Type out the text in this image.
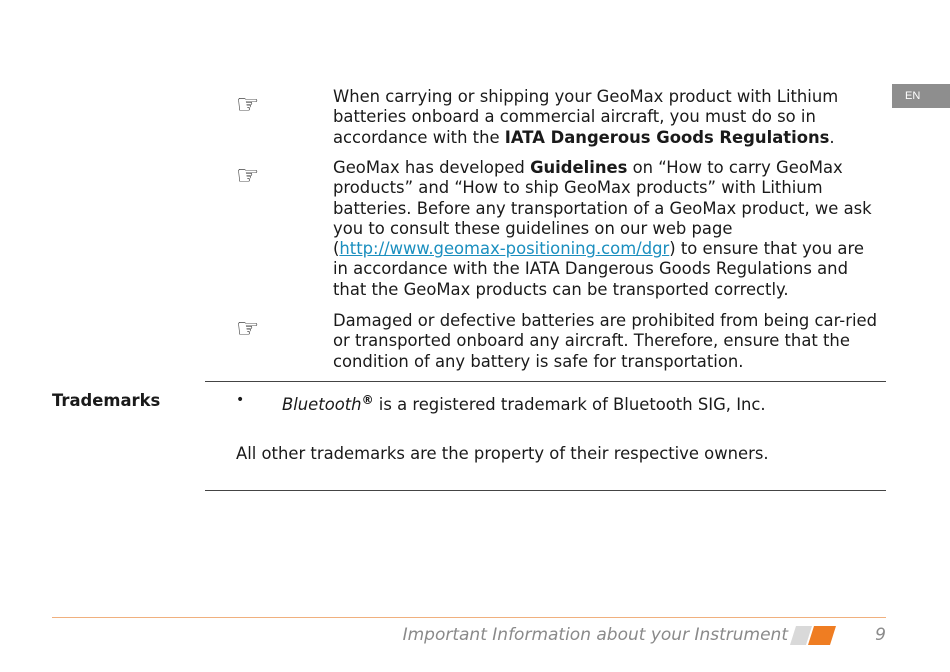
EN
☞	When carrying or shipping your GeoMax product with Lithium batteries onboard a commercial aircraft, you must do so in accordance with the IATA Dangerous Goods Regulations.
☞	GeoMax has developed Guidelines on “How to carry GeoMax products” and “How to ship GeoMax products” with Lithium batteries. Before any transportation of a GeoMax product, we ask you to consult these guidelines on our web page (http://www.geomax-positioning.com/dgr) to ensure that you are in accordance with the IATA Dangerous Goods Regulations and that the GeoMax products can be transported correctly.
☞	Damaged or defective batteries are prohibited from being car-ried or transported onboard any aircraft. Therefore, ensure that the condition of any battery is safe for transportation.
Trademarks	• Bluetooth® is a registered trademark of Bluetooth SIG, Inc.
All other trademarks are the property of their respective owners.
Important Information about your Instrument	9
